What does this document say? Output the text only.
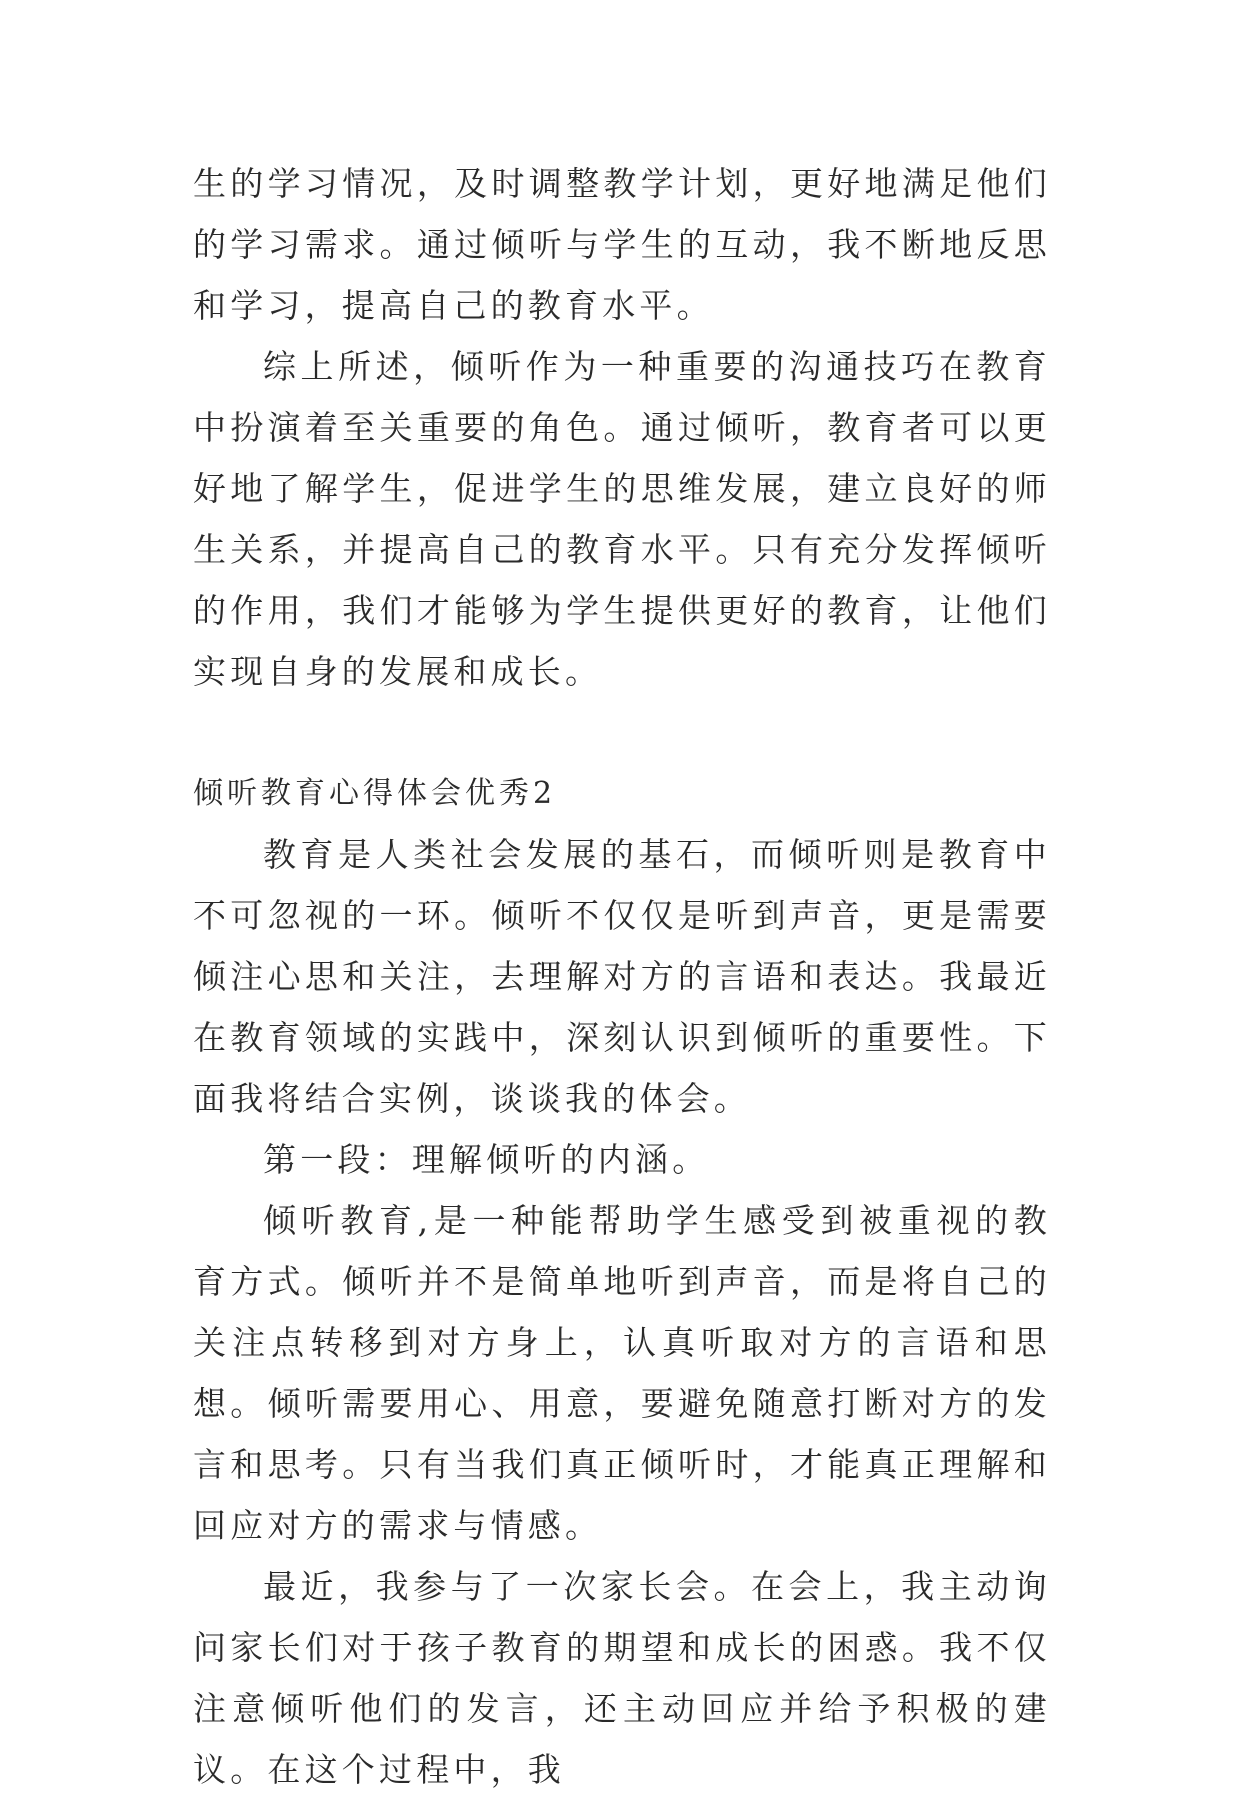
生的学习情况，及时调整教学计划，更好地满足他们的学习需求。通过倾听与学生的互动，我不断地反思和学习，提高自己的教育水平。

综上所述，倾听作为一种重要的沟通技巧在教育中扮演着至关重要的角色。通过倾听，教育者可以更好地了解学生，促进学生的思维发展，建立良好的师生关系，并提高自己的教育水平。只有充分发挥倾听的作用，我们才能够为学生提供更好的教育，让他们实现自身的发展和成长。

倾听教育心得体会优秀2

教育是人类社会发展的基石，而倾听则是教育中不可忽视的一环。倾听不仅仅是听到声音，更是需要倾注心思和关注，去理解对方的言语和表达。我最近在教育领域的实践中，深刻认识到倾听的重要性。下面我将结合实例，谈谈我的体会。

第一段：理解倾听的内涵。

倾听教育,是一种能帮助学生感受到被重视的教育方式。倾听并不是简单地听到声音，而是将自己的关注点转移到对方身上，认真听取对方的言语和思想。倾听需要用心、用意，要避免随意打断对方的发言和思考。只有当我们真正倾听时，才能真正理解和回应对方的需求与情感。

最近，我参与了一次家长会。在会上，我主动询问家长们对于孩子教育的期望和成长的困惑。我不仅注意倾听他们的发言，还主动回应并给予积极的建议。在这个过程中，我
